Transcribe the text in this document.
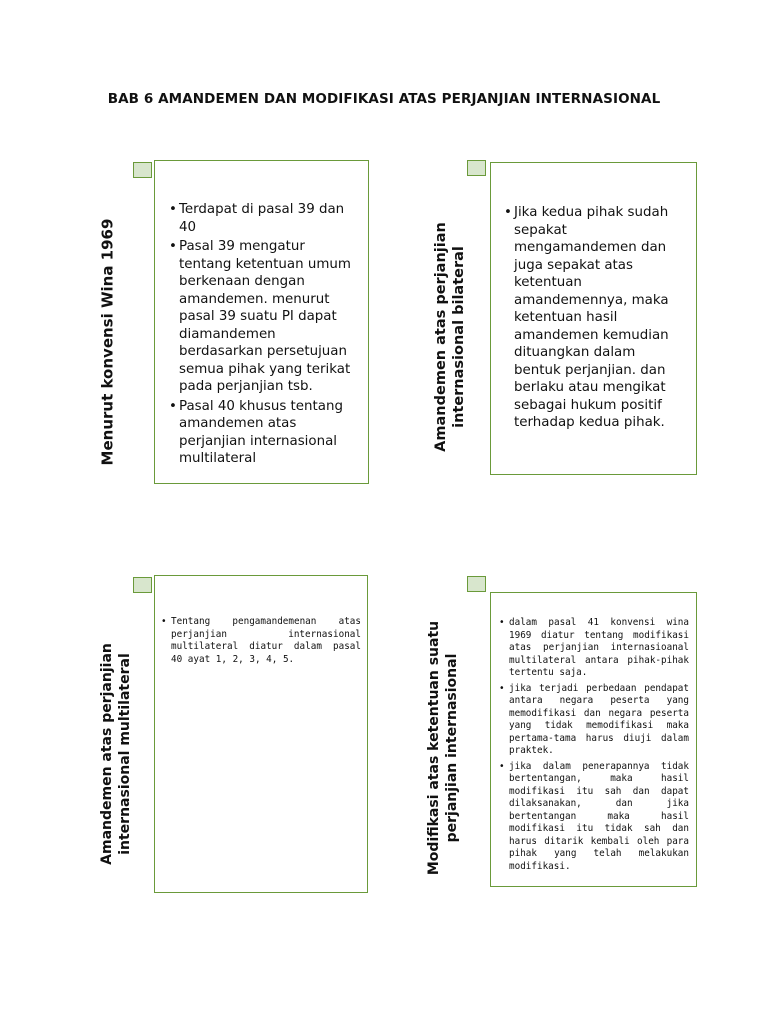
BAB 6 AMANDEMEN DAN MODIFIKASI ATAS PERJANJIAN INTERNASIONAL
Menurut konvensi Wina 1969
• Terdapat di pasal 39 dan 40
• Pasal 39 mengatur tentang ketentuan umum berkenaan dengan amandemen. menurut pasal 39 suatu PI dapat diamandemen berdasarkan persetujuan semua pihak yang terikat pada perjanjian tsb.
• Pasal 40 khusus tentang amandemen atas perjanjian internasional multilateral
Amandemen atas perjanjian internasional bilateral
• Jika kedua pihak sudah sepakat mengamandemen dan juga sepakat atas ketentuan amandemennya, maka ketentuan hasil amandemen kemudian dituangkan dalam bentuk perjanjian. dan berlaku atau mengikat sebagai hukum positif terhadap kedua pihak.
Amandemen atas perjanjian internasional multilateral
• Tentang pengamandemenan atas perjanjian internasional multilateral diatur dalam pasal 40 ayat 1, 2, 3, 4, 5.	Modifikasi atas ketentuan suatu perjanjian internasional
• dalam pasal 41 konvensi wina 1969 diatur tentang modifikasi atas perjanjian internasioanal multilateral antara pihak-pihak tertentu saja.
• jika terjadi perbedaan pendapat antara negara peserta yang memodifikasi dan negara peserta yang tidak memodifikasi maka pertama-tama harus diuji dalam praktek.
• jika dalam penerapannya tidak bertentangan, maka hasil modifikasi itu sah dan dapat dilaksanakan, dan jika bertentangan maka hasil modifikasi itu tidak sah dan harus ditarik kembali oleh para pihak yang telah melakukan modifikasi.
